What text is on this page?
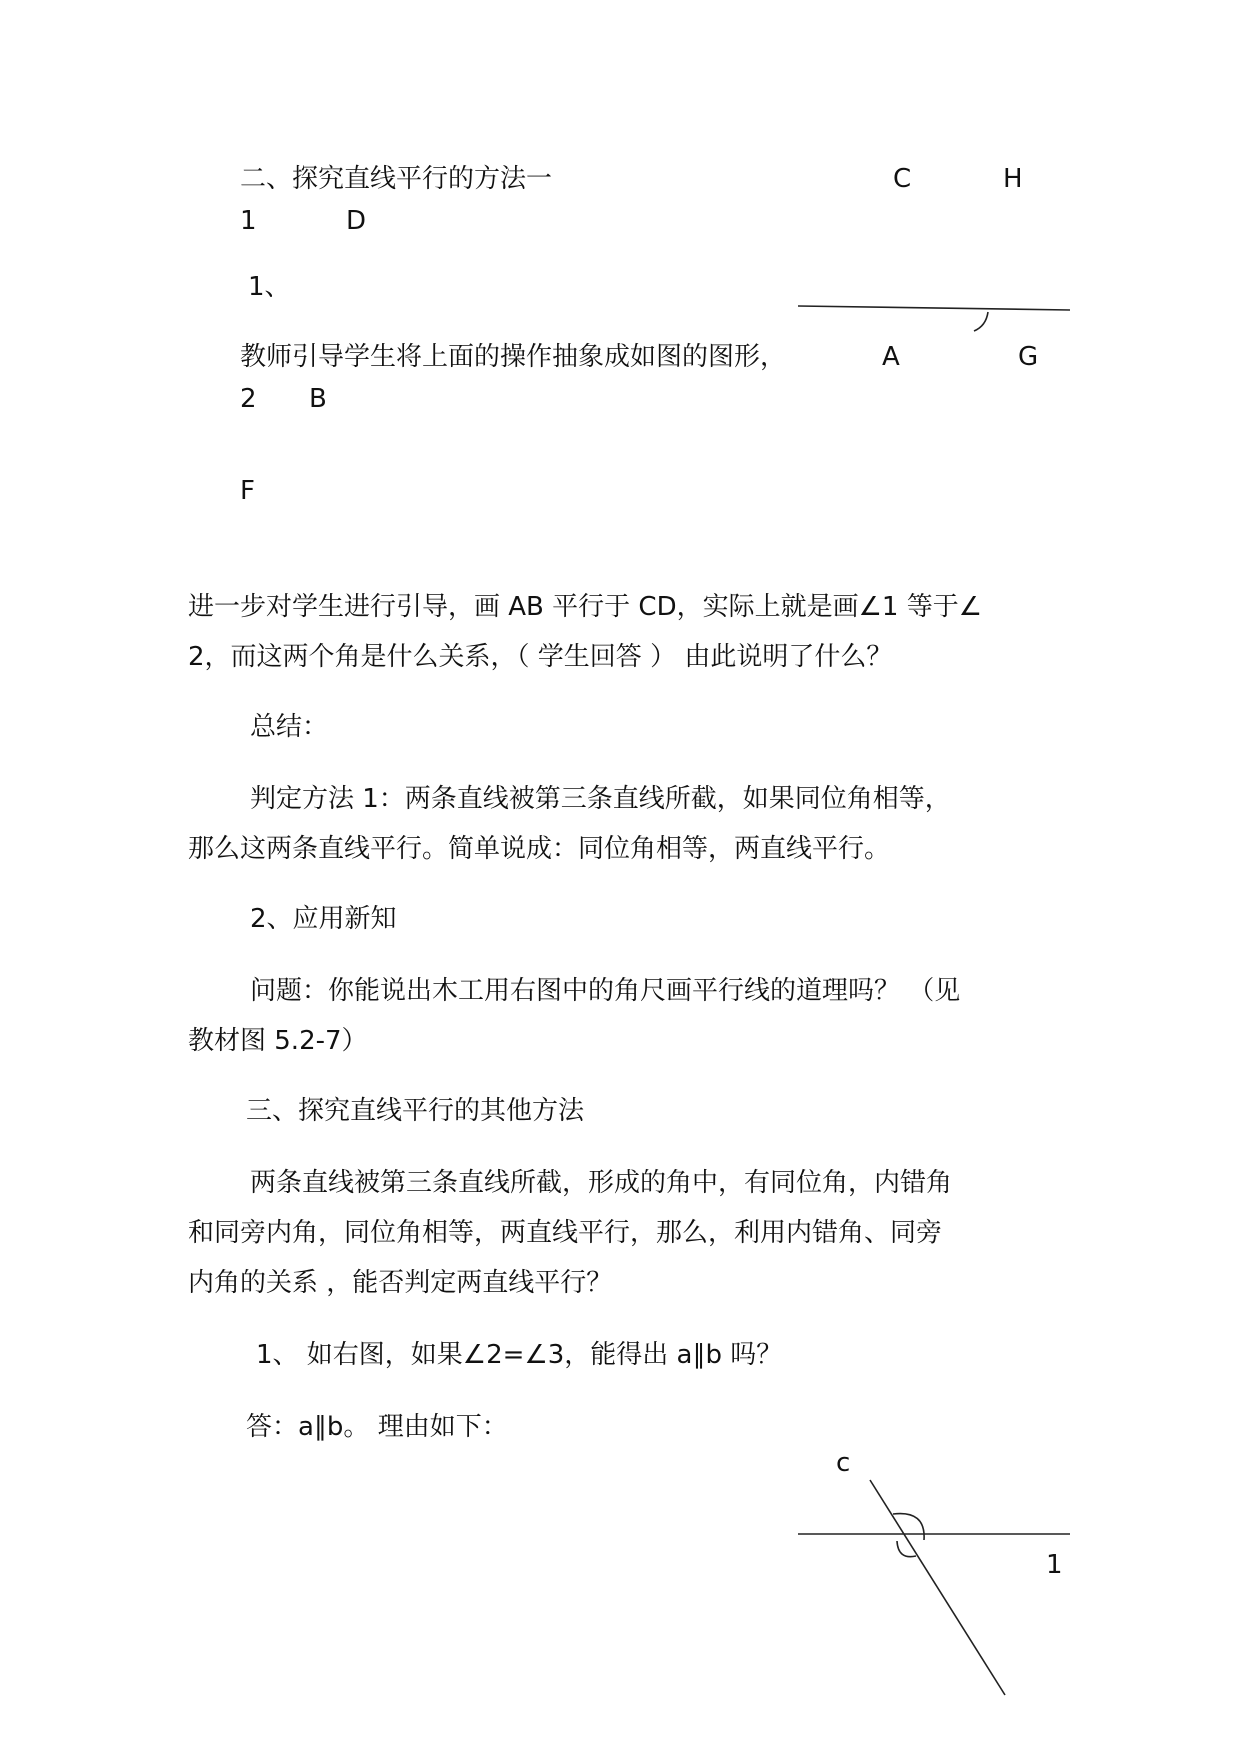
二、探究直线平行的方法一	C	H
1	D
1、
教师引导学生将上面的操作抽象成如图的图形，	A	G
2 B
F
进一步对学生进行引导，画 AB 平行于 CD，实际上就是画∠1 等于∠
2，而这两个角是什么关系，（ 学生回答 ） 由此说明了什么？
总结：
判定方法 1：两条直线被第三条直线所截，如果同位角相等，
那么这两条直线平行。简单说成：同位角相等，两直线平行。
2、应用新知
问题：你能说出木工用右图中的角尺画平行线的道理吗？ （见
教材图 5.2-7）
三、探究直线平行的其他方法
两条直线被第三条直线所截，形成的角中，有同位角，内错角
和同旁内角，同位角相等，两直线平行，那么，利用内错角、同旁
内角的关系 ，能否判定两直线平行？
1、 如右图，如果∠2=∠3，能得出 a∥b 吗？
答：a∥b。 理由如下：
c
1
